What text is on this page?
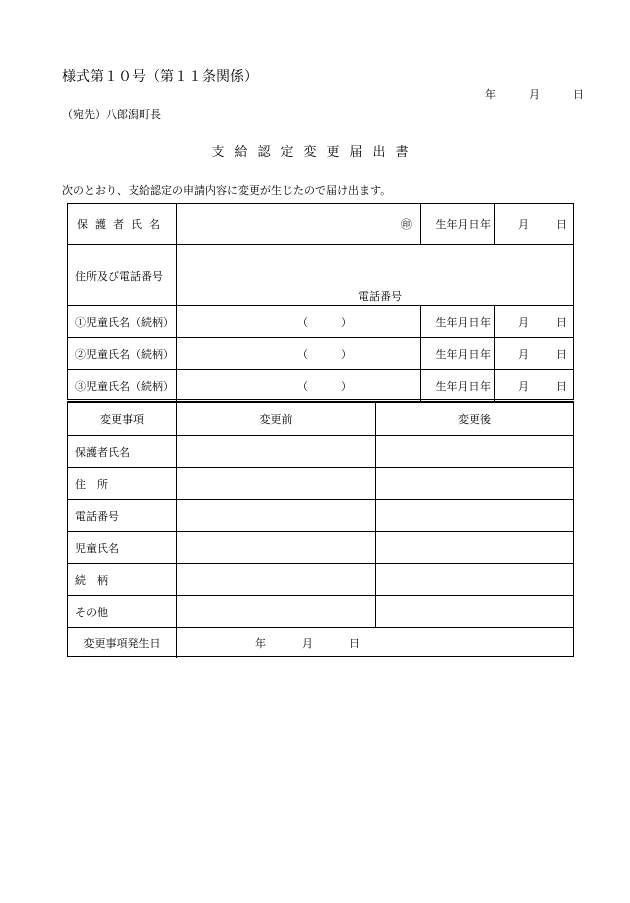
様式第１０号（第１１条関係）
年	月	日
（宛先）八郎潟町長
支給認定変更届出書
次のとおり、支給認定の申請内容に変更が生じたので届け出ます。
保護者氏名	㊞	生年月日 年 月 日
住所及び電話番号
電話番号
①児童氏名（続柄）	（	）	生年月日 年 月 日
②児童氏名（続柄）	（	）	生年月日 年 月 日
③児童氏名（続柄）	（	）	生年月日 年 月 日
変更事項	変更前	変更後
保護者氏名
住　所
電話番号
児童氏名
続　柄
その他
変更事項発生日	年	月	日
